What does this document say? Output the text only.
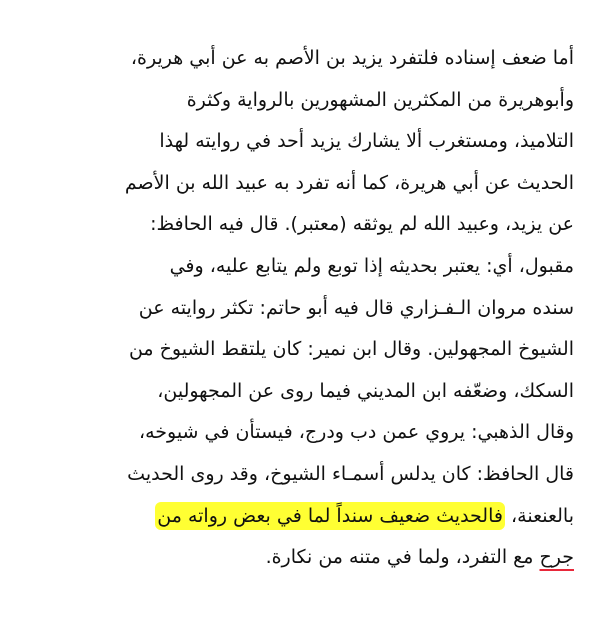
أما ضعف إسناده فلتفرد يزيد بن الأصم به عن أبي هريرة،
وأبوهريرة من المكثرين المشهورين بالرواية وكثرة
التلاميذ، ومستغرب ألا يشارك يزيد أحد في روايته لهذا
الحديث عن أبي هريرة، كما أنه تفرد به عبيد الله بن الأصم
عن يزيد، وعبيد الله لم يوثقه (معتبر). قال فيه الحافظ:
مقبول، أي: يعتبر بحديثه إذا توبع ولم يتابع عليه، وفي
سنده مروان الـفـزاري قال فيه أبو حاتم: تكثر روايته عن
الشيوخ المجهولين. وقال ابن نمير: كان يلتقط الشيوخ من
السكك، وضعّفه ابن المديني فيما روى عن المجهولين،
وقال الذهبي: يروي عمن دب ودرج، فيستأن في شيوخه،
قال الحافظ: كان يدلس أسمـاء الشيوخ، وقد روى الحديث
بالعنعنة، فالحديث ضعيف سنداً لما في بعض رواته من
جرح مع التفرد، ولما في متنه من نكارة.
